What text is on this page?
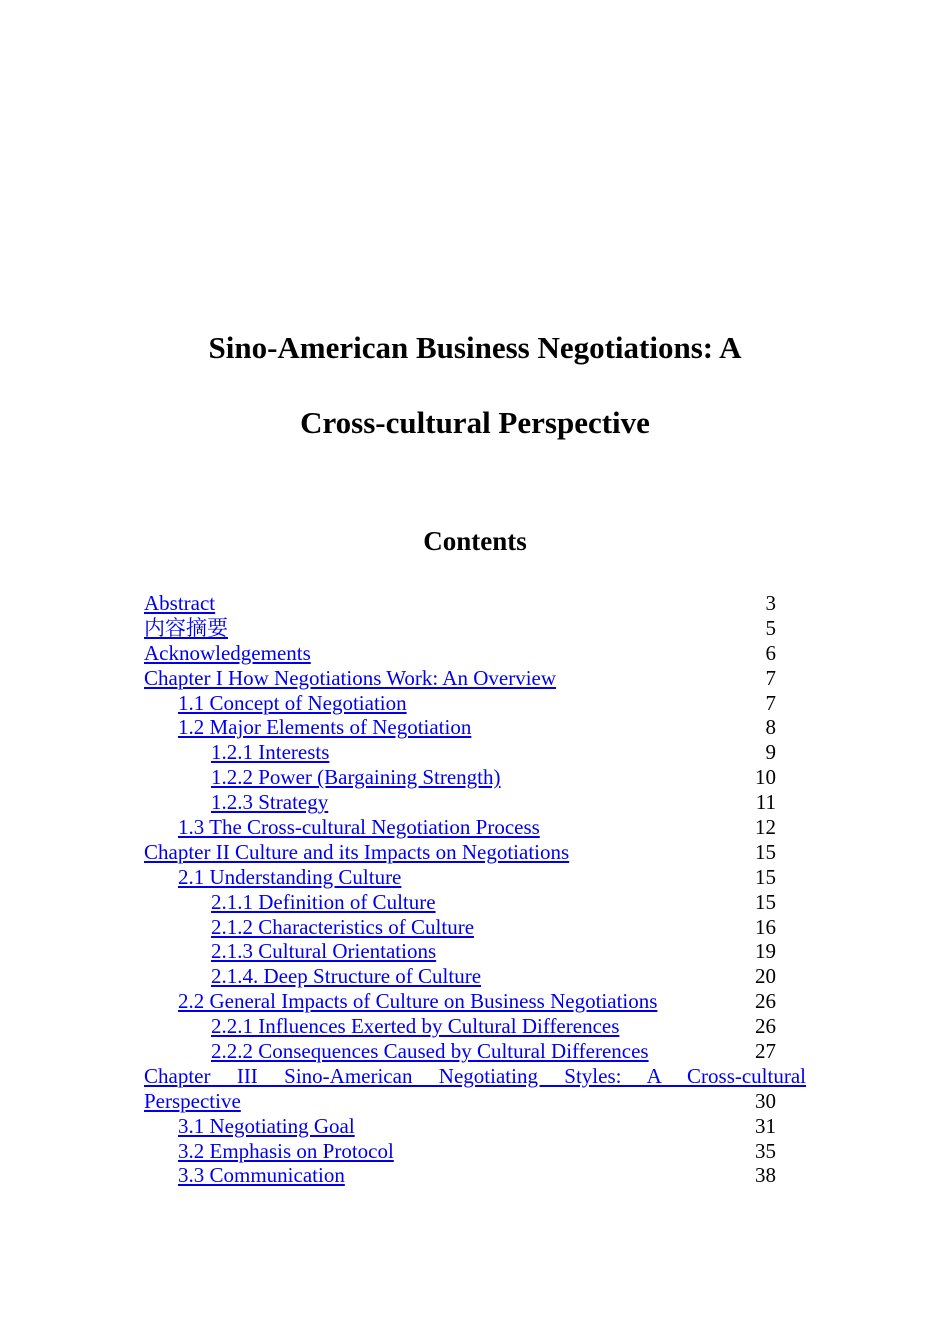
Sino-American Business Negotiations: A
Cross-cultural Perspective
Contents
Abstract	3
内容摘要	5
Acknowledgements	6
Chapter I How Negotiations Work: An Overview	7
1.1 Concept of Negotiation	7
1.2 Major Elements of Negotiation	8
1.2.1 Interests	9
1.2.2 Power (Bargaining Strength)	10
1.2.3 Strategy	11
1.3 The Cross-cultural Negotiation Process	12
Chapter II Culture and its Impacts on Negotiations	15
2.1 Understanding Culture	15
2.1.1 Definition of Culture	15
2.1.2 Characteristics of Culture	16
2.1.3 Cultural Orientations	19
2.1.4. Deep Structure of Culture	20
2.2 General Impacts of Culture on Business Negotiations	26
2.2.1 Influences Exerted by Cultural Differences	26
2.2.2 Consequences Caused by Cultural Differences	27
Chapter III Sino-American Negotiating Styles: A Cross-cultural
Perspective	30
3.1 Negotiating Goal	31
3.2 Emphasis on Protocol	35
3.3 Communication	38
